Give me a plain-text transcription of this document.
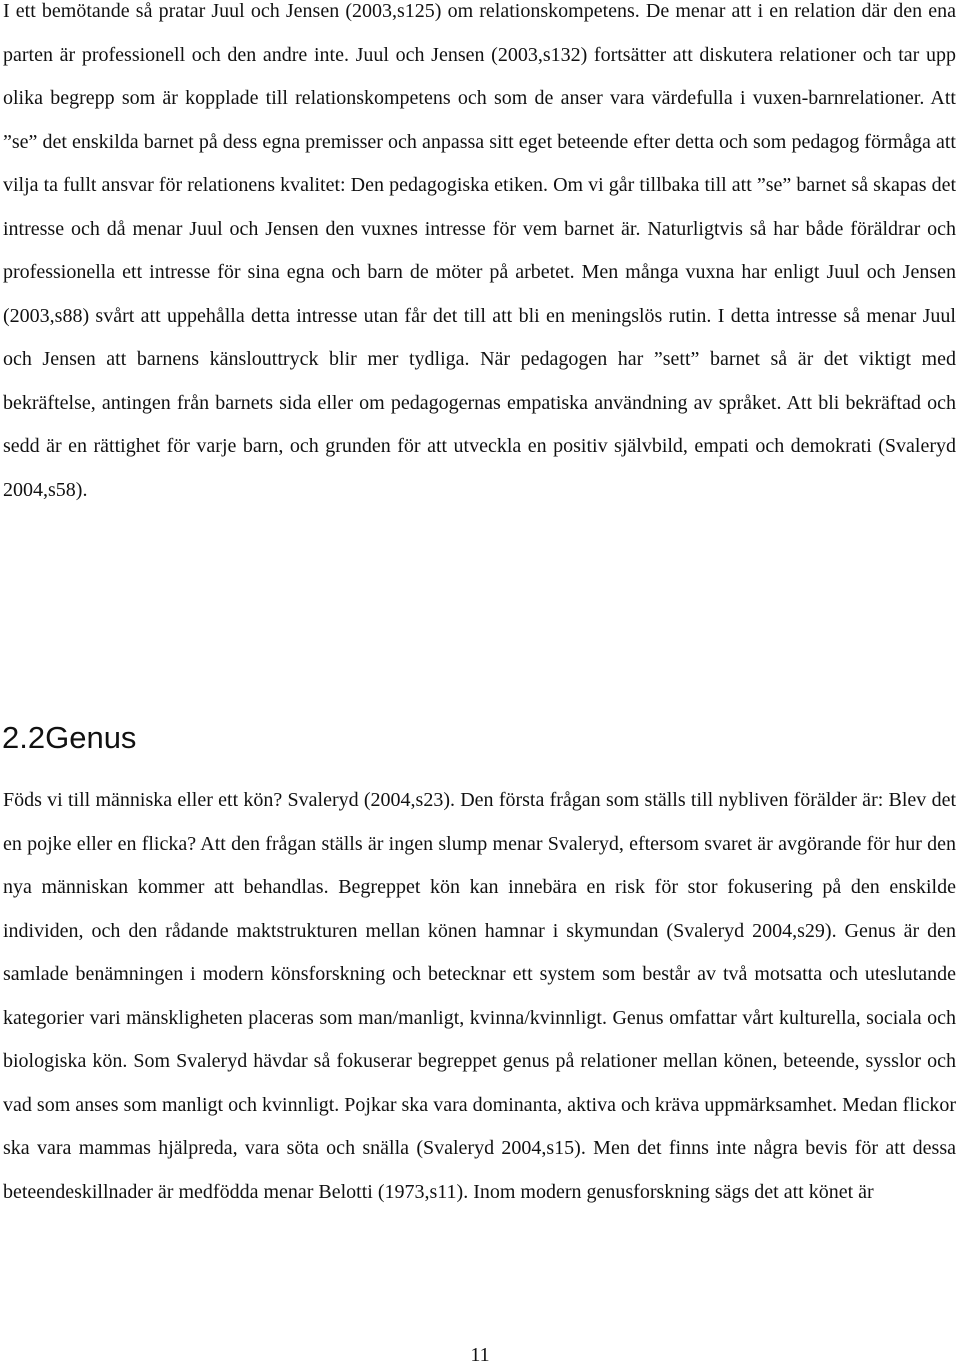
I ett bemötande så pratar Juul och Jensen (2003,s125) om relationskompetens. De menar att i en relation där den ena parten är professionell och den andre inte. Juul och Jensen (2003,s132) fortsätter att diskutera relationer och tar upp olika begrepp som är kopplade till relationskompetens och som de anser vara värdefulla i vuxen-barnrelationer. Att ”se” det enskilda barnet på dess egna premisser och anpassa sitt eget beteende efter detta och som pedagog förmåga att vilja ta fullt ansvar för relationens kvalitet: Den pedagogiska etiken. Om vi går tillbaka till att ”se” barnet så skapas det intresse och då menar Juul och Jensen den vuxnes intresse för vem barnet är. Naturligtvis så har både föräldrar och professionella ett intresse för sina egna och barn de möter på arbetet. Men många vuxna har enligt Juul och Jensen (2003,s88) svårt att uppehålla detta intresse utan får det till att bli en meningslös rutin. I detta intresse så menar Juul och Jensen att barnens känslouttryck blir mer tydliga. När pedagogen har ”sett” barnet så är det viktigt med bekräftelse, antingen från barnets sida eller om pedagogernas empatiska användning av språket. Att bli bekräftad och sedd är en rättighet för varje barn, och grunden för att utveckla en positiv självbild, empati och demokrati (Svaleryd 2004,s58).

2.2Genus

Föds vi till människa eller ett kön? Svaleryd (2004,s23). Den första frågan som ställs till nybliven förälder är: Blev det en pojke eller en flicka? Att den frågan ställs är ingen slump menar Svaleryd, eftersom svaret är avgörande för hur den nya människan kommer att behandlas. Begreppet kön kan innebära en risk för stor fokusering på den enskilde individen, och den rådande maktstrukturen mellan könen hamnar i skymundan (Svaleryd 2004,s29). Genus är den samlade benämningen i modern könsforskning och betecknar ett system som består av två motsatta och uteslutande kategorier vari mänskligheten placeras som man/manligt, kvinna/kvinnligt. Genus omfattar vårt kulturella, sociala och biologiska kön. Som Svaleryd hävdar så fokuserar begreppet genus på relationer mellan könen, beteende, sysslor och vad som anses som manligt och kvinnligt. Pojkar ska vara dominanta, aktiva och kräva uppmärksamhet. Medan flickor ska vara mammas hjälpreda, vara söta och snälla (Svaleryd 2004,s15). Men det finns inte några bevis för att dessa beteendeskillnader är medfödda menar Belotti (1973,s11). Inom modern genusforskning sägs det att könet är

11
